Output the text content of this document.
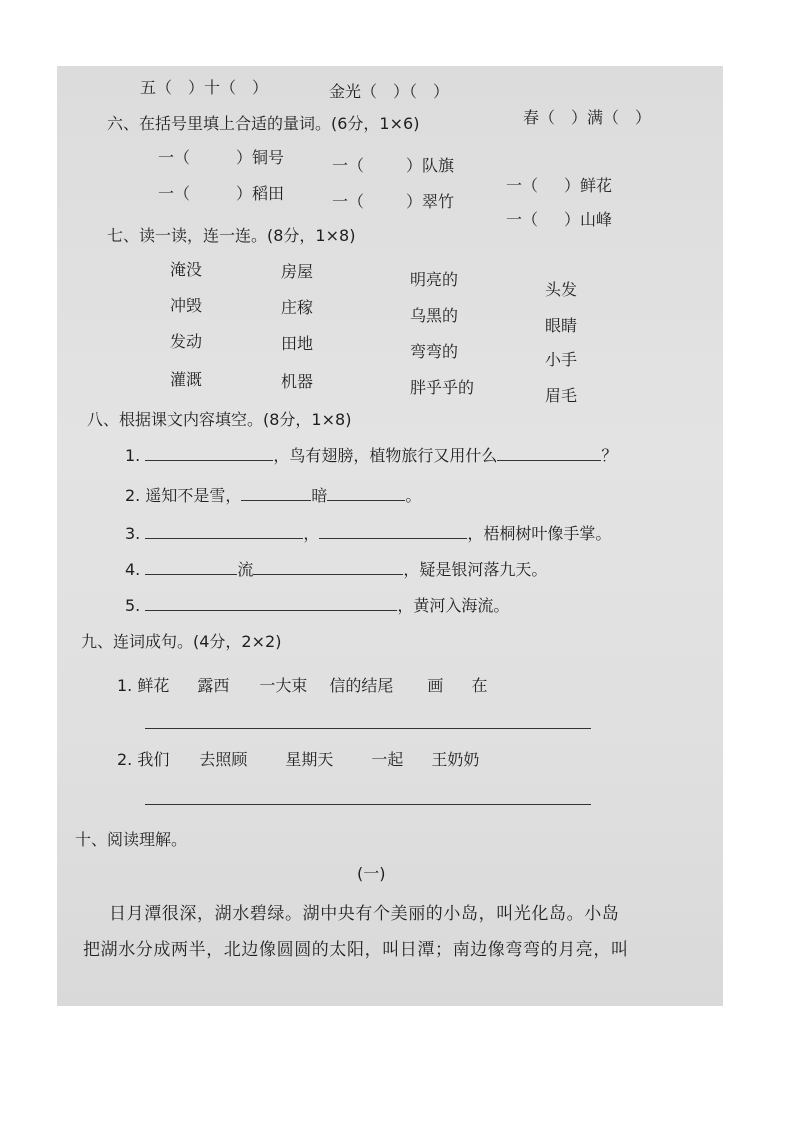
五（　）十（　）	金光（　）（　）
春（　）满（　）
六、在括号里填上合适的量词。(6分，1×6)
一（	）铜号	一（	）队旗
一（ ）鲜花
一（	）稻田	一（	）翠竹
一（ ）山峰
七、读一读，连一连。(8分，1×8)
淹没
冲毁
发动
灌溉
房屋
庄稼
田地
机器
明亮的
乌黑的
弯弯的
胖乎乎的
头发
眼睛
小手
眉毛
八、根据课文内容填空。(8分，1×8)
1.	，鸟有翅膀，植物旅行又用什么	？
2. 遥知不是雪，	暗	。
3.	，	，梧桐树叶像手掌。
4.	流	，疑是银河落九天。
5.	，黄河入海流。
九、连词成句。(4分，2×2)
1. 鲜花 露西 一大束 信的结尾 画 在
2. 我们 去照顾 星期天 一起 王奶奶
十、阅读理解。
(一)
日月潭很深，湖水碧绿。湖中央有个美丽的小岛，叫光化岛。小岛
把湖水分成两半，北边像圆圆的太阳，叫日潭；南边像弯弯的月亮，叫
